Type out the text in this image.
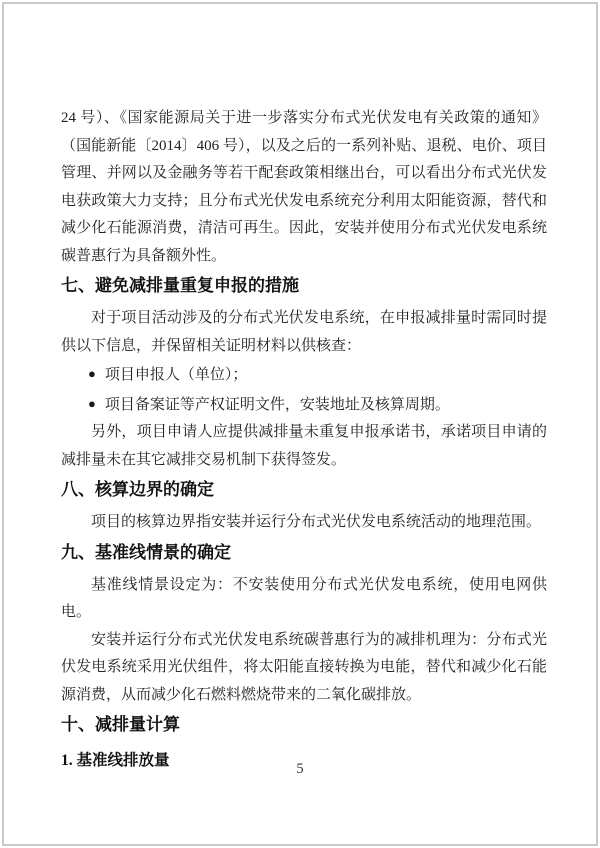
24 号）、《国家能源局关于进一步落实分布式光伏发电有关政策的通知》（国能新能〔2014〕406 号），以及之后的一系列补贴、退税、电价、项目管理、并网以及金融务等若干配套政策相继出台，可以看出分布式光伏发电获政策大力支持；且分布式光伏发电系统充分利用太阳能资源，替代和减少化石能源消费，清洁可再生。因此，安装并使用分布式光伏发电系统碳普惠行为具备额外性。

七、避免减排量重复申报的措施

对于项目活动涉及的分布式光伏发电系统，在申报减排量时需同时提供以下信息，并保留相关证明材料以供核查：

● 项目申报人（单位）；
● 项目备案证等产权证明文件，安装地址及核算周期。

另外，项目申请人应提供减排量未重复申报承诺书，承诺项目申请的减排量未在其它减排交易机制下获得签发。

八、核算边界的确定

项目的核算边界指安装并运行分布式光伏发电系统活动的地理范围。

九、基准线情景的确定

基准线情景设定为：不安装使用分布式光伏发电系统，使用电网供电。

安装并运行分布式光伏发电系统碳普惠行为的减排机理为：分布式光伏发电系统采用光伏组件，将太阳能直接转换为电能，替代和减少化石能源消费，从而减少化石燃料燃烧带来的二氧化碳排放。

十、减排量计算
1. 基准线排放量	5
